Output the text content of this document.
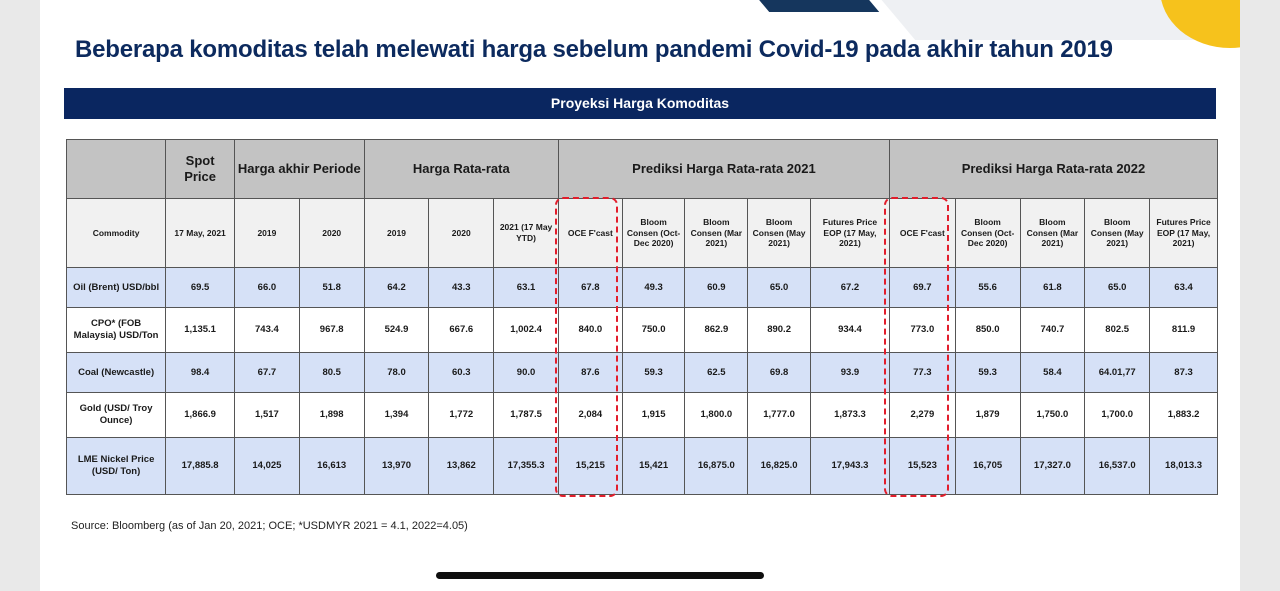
Beberapa komoditas telah melewati harga sebelum pandemi Covid-19 pada akhir tahun 2019
Proyeksi Harga Komoditas
	Spot Price	Harga akhir Periode		Harga Rata-rata			Prediksi Harga Rata-rata 2021					Prediksi Harga Rata-rata 2022				
Commodity	17 May, 2021	2019	2020	2019	2020	2021 (17 May YTD)	OCE F'cast	Bloom Consen (Oct-Dec 2020)	Bloom Consen (Mar 2021)	Bloom Consen (May 2021)	Futures Price EOP (17 May, 2021)	OCE F'cast	Bloom Consen (Oct-Dec 2020)	Bloom Consen (Mar 2021)	Bloom Consen (May 2021)	Futures Price EOP (17 May, 2021)
Oil (Brent) USD/bbl	69.5	66.0	51.8	64.2	43.3	63.1	67.8	49.3	60.9	65.0	67.2	69.7	55.6	61.8	65.0	63.4
CPO* (FOB Malaysia) USD/Ton	1,135.1	743.4	967.8	524.9	667.6	1,002.4	840.0	750.0	862.9	890.2	934.4	773.0	850.0	740.7	802.5	811.9
Coal (Newcastle)	98.4	67.7	80.5	78.0	60.3	90.0	87.6	59.3	62.5	69.8	93.9	77.3	59.3	58.4	64.01,77	87.3
Gold (USD/ Troy Ounce)	1,866.9	1,517	1,898	1,394	1,772	1,787.5	2,084	1,915	1,800.0	1,777.0	1,873.3	2,279	1,879	1,750.0	1,700.0	1,883.2
LME Nickel Price (USD/ Ton)	17,885.8	14,025	16,613	13,970	13,862	17,355.3	15,215	15,421	16,875.0	16,825.0	17,943.3	15,523	16,705	17,327.0	16,537.0	18,013.3
Source: Bloomberg (as of Jan 20, 2021; OCE; *USDMYR 2021 = 4.1, 2022=4.05)
